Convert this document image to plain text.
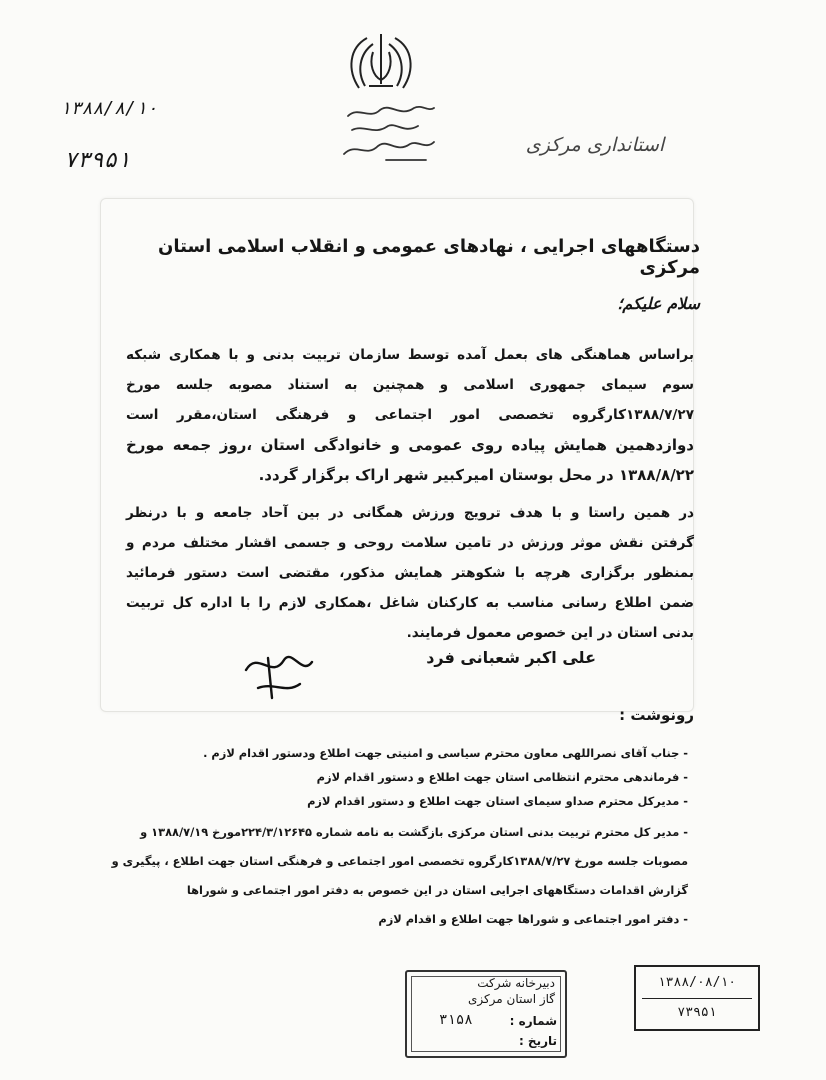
استانداری مرکزی
۱۳۸۸/۸/۱۰
۷۳۹۵۱
دستگاههای اجرایی ، نهادهای عمومی و انقلاب اسلامی استان مرکزی
سلام علیکم؛
براساس هماهنگی های بعمل آمده توسط سازمان تربیت بدنی و با همکاری شبکه
سوم سیمای جمهوری اسلامی و همچنین به استناد مصوبه جلسه مورخ
۱۳۸۸/۷/۲۷کارگروه تخصصی امور اجتماعی و فرهنگی استان،مقرر است
دوازدهمین همایش پیاده روی عمومی و خانوادگی استان ،روز جمعه مورخ
۱۳۸۸/۸/۲۲ در محل بوستان امیرکبیر شهر اراک برگزار گردد.
در همین راستا و با هدف ترویج ورزش همگانی در بین آحاد جامعه و با درنظر
گرفتن نقش موثر ورزش در تامین سلامت روحی و جسمی اقشار مختلف مردم و
بمنظور برگزاری هرچه با شکوهتر همایش مذکور، مقتضی است دستور فرمائید
ضمن اطلاع رسانی مناسب به کارکنان شاغل ،همکاری لازم را با اداره کل تربیت
بدنی استان در این خصوص معمول فرمایند.
علی اکبر شعبانی فرد
رونوشت :
- جناب آقای نصراللهی معاون محترم سیاسی و امنیتی جهت اطلاع ودستور اقدام لازم .
- فرماندهی محترم انتظامی استان جهت اطلاع و دستور اقدام لازم
- مدیرکل محترم صداو سیمای استان جهت اطلاع و دستور اقدام لازم
- مدیر کل محترم تربیت بدنی استان مرکزی بازگشت به نامه شماره ۲۲۴/۳/۱۲۶۴۵مورخ ۱۳۸۸/۷/۱۹ و مصوبات جلسه مورخ ۱۳۸۸/۷/۲۷کارگروه تخصصی امور اجتماعی و فرهنگی استان جهت اطلاع ، پیگیری و گزارش اقدامات دستگاههای اجرایی استان در این خصوص به دفتر امور اجتماعی و شوراها
- دفتر امور اجتماعی و شوراها جهت اطلاع و اقدام لازم
دبیرخانه شرکت
گاز استان مرکزی
شماره :
۳۱۵۸
تاریخ :
۱۳۸۸/۰۸/۱۰
۷۳۹۵۱
